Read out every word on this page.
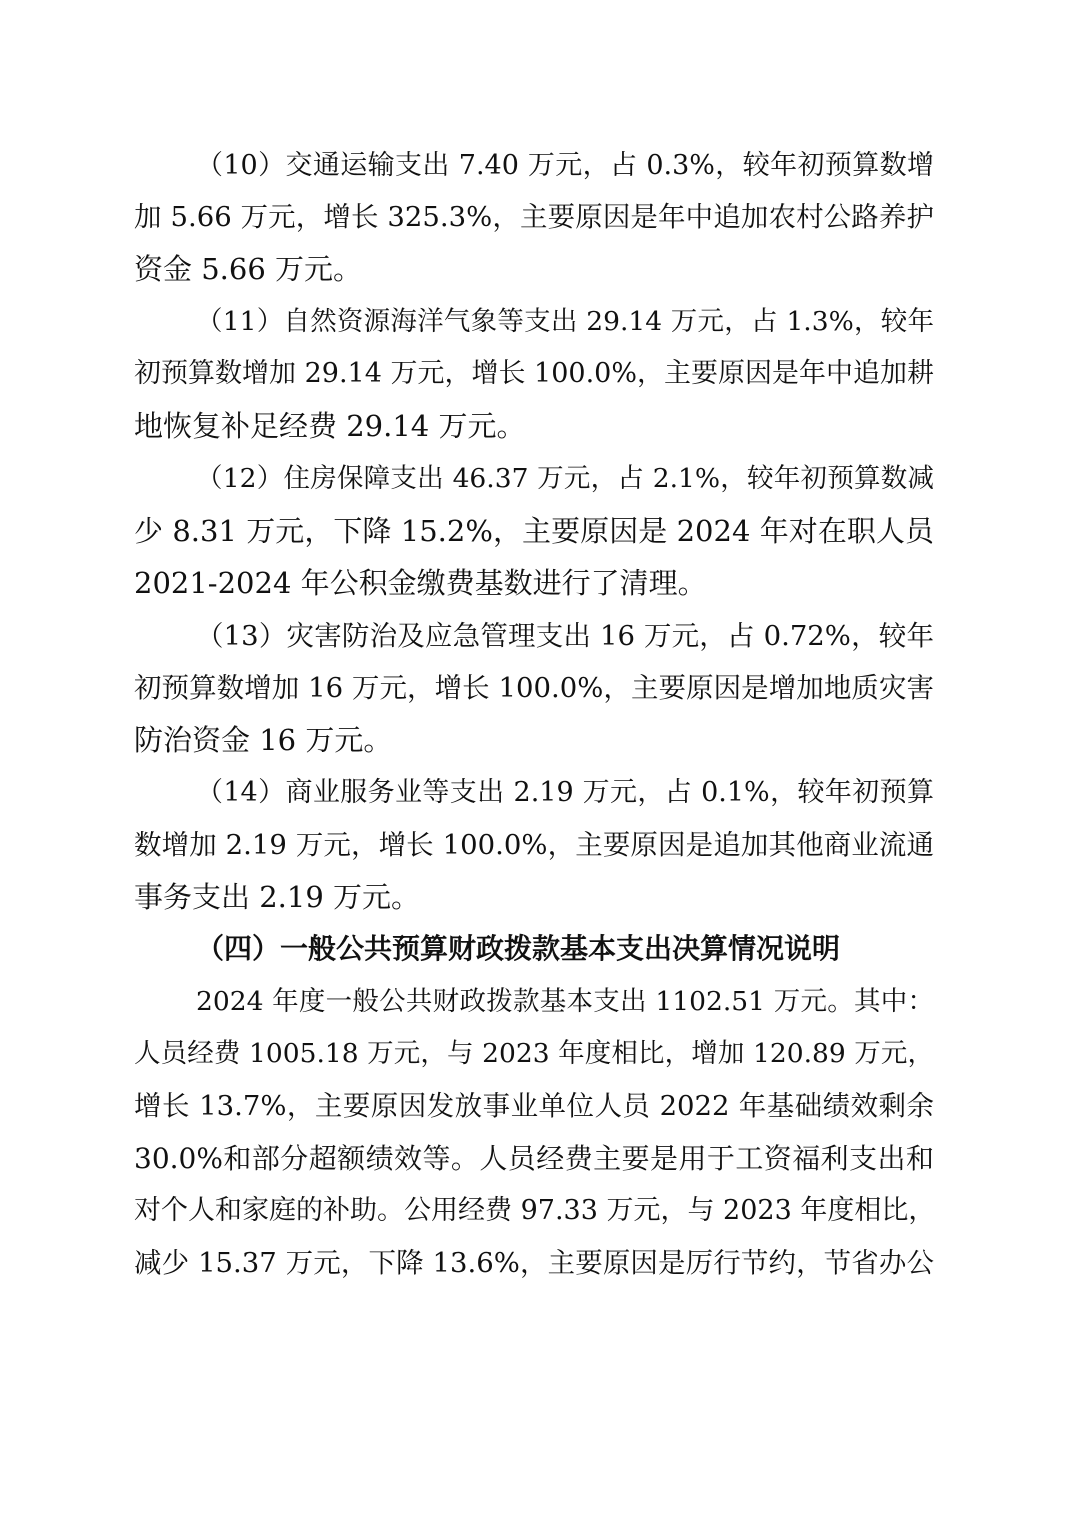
（10）交通运输支出 7.40 万元，占 0.3%，较年初预算数增
加 5.66 万元，增长 325.3%，主要原因是年中追加农村公路养护
资金 5.66 万元。
（11）自然资源海洋气象等支出 29.14 万元，占 1.3%，较年
初预算数增加 29.14 万元，增长 100.0%，主要原因是年中追加耕
地恢复补足经费 29.14 万元。
（12）住房保障支出 46.37 万元，占 2.1%，较年初预算数减
少 8.31 万元，下降 15.2%，主要原因是 2024 年对在职人员
2021-2024 年公积金缴费基数进行了清理。
（13）灾害防治及应急管理支出 16 万元，占 0.72%，较年
初预算数增加 16 万元，增长 100.0%，主要原因是增加地质灾害
防治资金 16 万元。
（14）商业服务业等支出 2.19 万元，占 0.1%，较年初预算
数增加 2.19 万元，增长 100.0%，主要原因是追加其他商业流通
事务支出 2.19 万元。
（四）一般公共预算财政拨款基本支出决算情况说明
2024 年度一般公共财政拨款基本支出 1102.51 万元。其中：
人员经费 1005.18 万元，与 2023 年度相比，增加 120.89 万元，
增长 13.7%，主要原因发放事业单位人员 2022 年基础绩效剩余
30.0%和部分超额绩效等。人员经费主要是用于工资福利支出和
对个人和家庭的补助。公用经费 97.33 万元，与 2023 年度相比，
减少 15.37 万元，下降 13.6%，主要原因是厉行节约，节省办公
